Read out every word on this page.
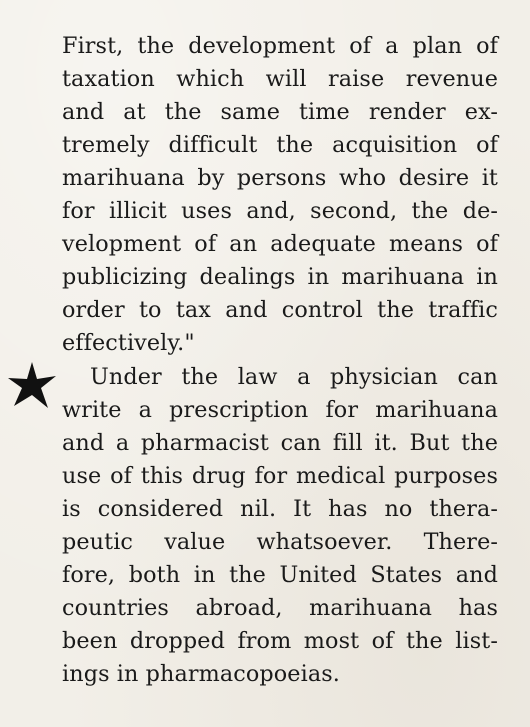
First, the development of a plan of

taxation which will raise revenue

and at the same time render ex-

tremely difficult the acquisition of

marihuana by persons who desire it

for illicit uses and, second, the de-

velopment of an adequate means of

publicizing dealings in marihuana in

order to tax and control the traffic

effectively."

Under the law a physician can

write a prescription for marihuana

and a pharmacist can fill it. But the

use of this drug for medical purposes

is considered nil. It has no thera-

peutic value whatsoever. There-

fore, both in the United States and

countries abroad, marihuana has

been dropped from most of the list-

ings in pharmacopoeias.
